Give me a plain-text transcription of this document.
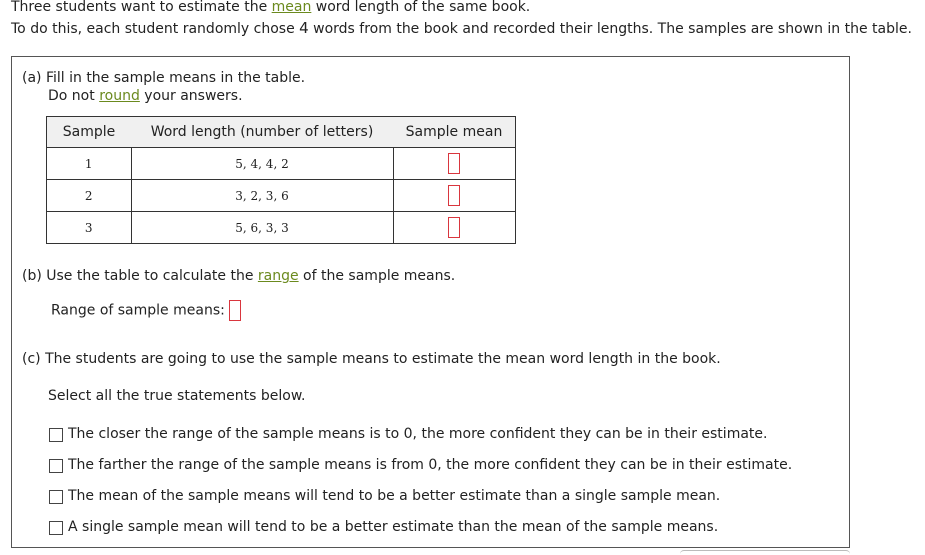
Three students want to estimate the mean word length of the same book.
To do this, each student randomly chose 4 words from the book and recorded their lengths. The samples are shown in the table.
(a) Fill in the sample means in the table.
Do not round your answers.
Sample	Word length (number of letters)	Sample mean
1	5, 4, 4, 2	
2	3, 2, 3, 6	
3	5, 6, 3, 3	
(b) Use the table to calculate the range of the sample means.
Range of sample means:
(c) The students are going to use the sample means to estimate the mean word length in the book.
Select all the true statements below.
The closer the range of the sample means is to 0, the more confident they can be in their estimate.
The farther the range of the sample means is from 0, the more confident they can be in their estimate.
The mean of the sample means will tend to be a better estimate than a single sample mean.
A single sample mean will tend to be a better estimate than the mean of the sample means.
